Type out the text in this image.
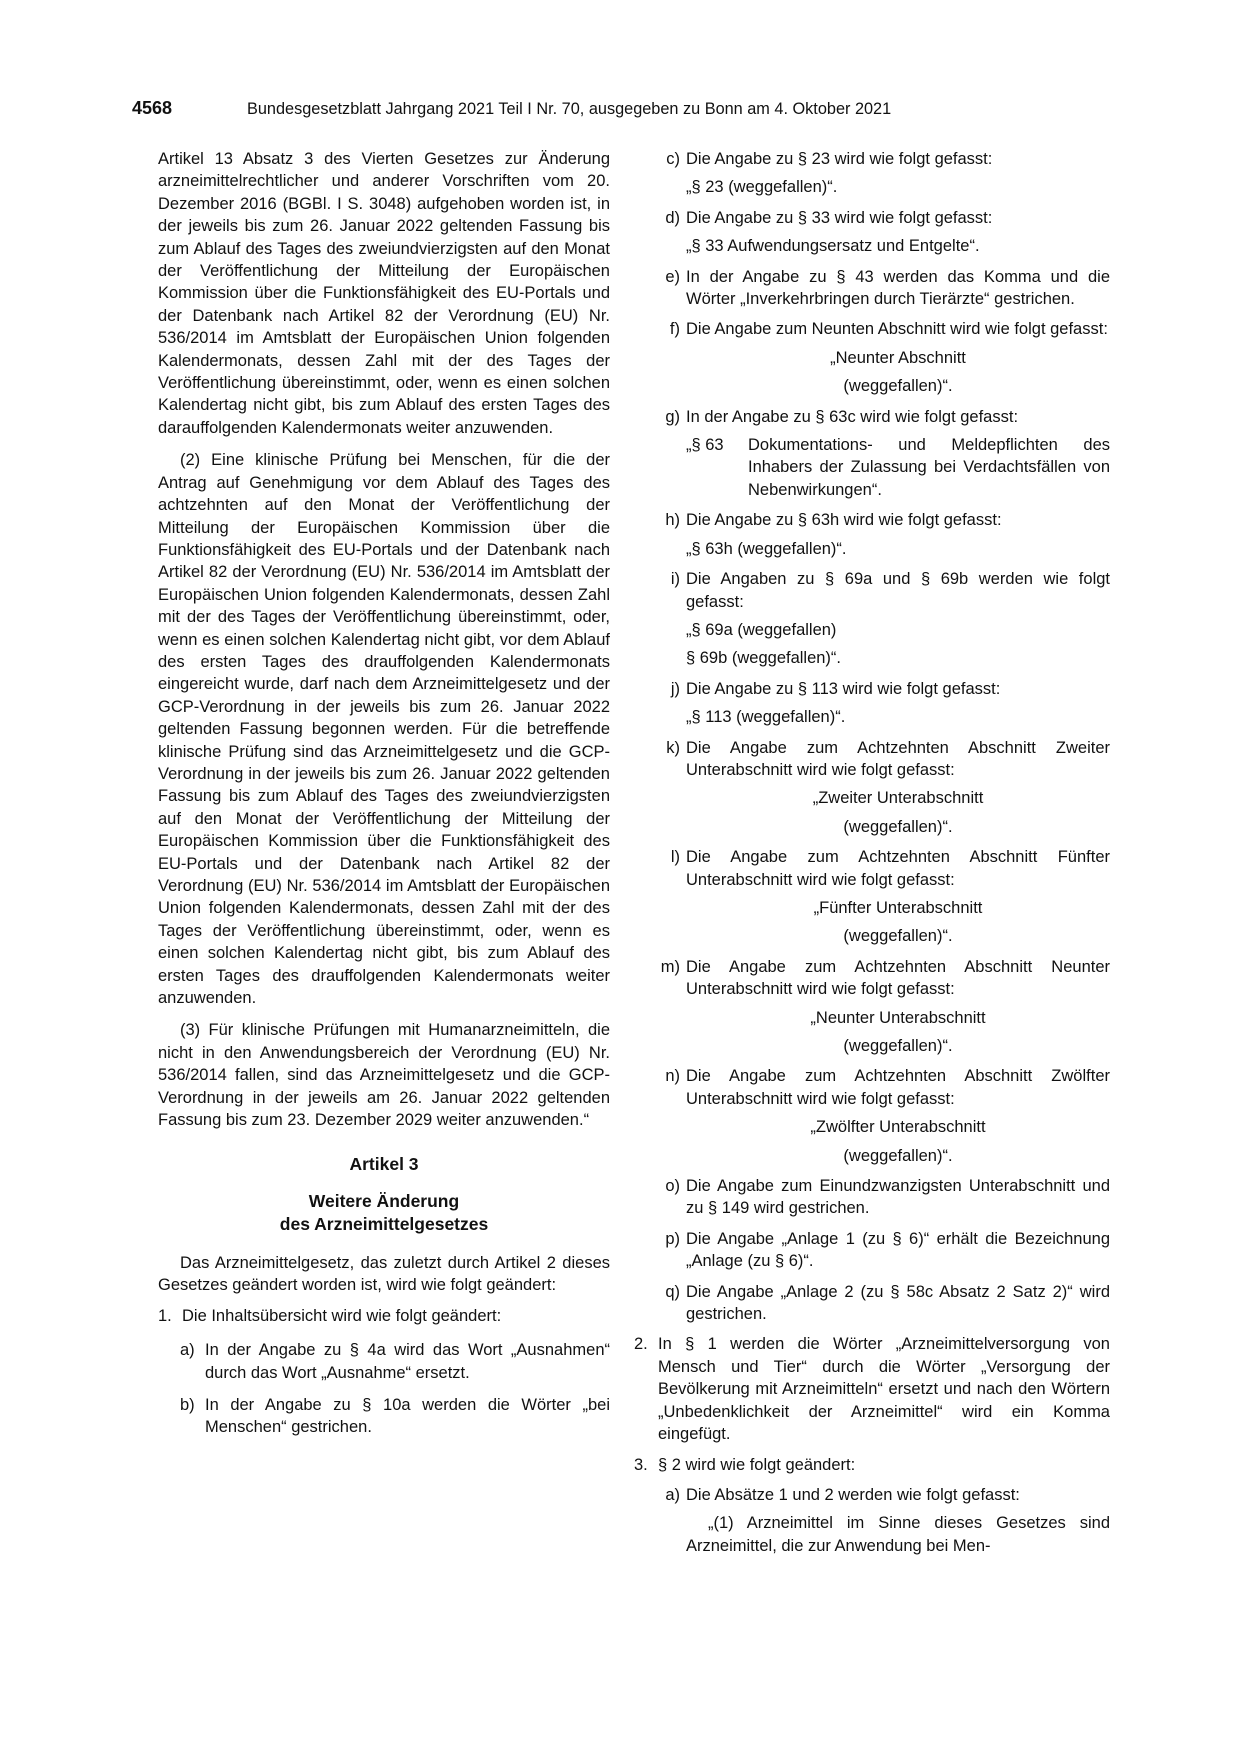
4568	Bundesgesetzblatt Jahrgang 2021 Teil I Nr. 70, ausgegeben zu Bonn am 4. Oktober 2021

Artikel 13 Absatz 3 des Vierten Gesetzes zur Änderung arzneimittelrechtlicher und anderer Vorschriften vom 20. Dezember 2016 (BGBl. I S. 3048) aufgehoben worden ist, in der jeweils bis zum 26. Januar 2022 geltenden Fassung bis zum Ablauf des Tages des zweiundvierzigsten auf den Monat der Veröffentlichung der Mitteilung der Europäischen Kommission über die Funktionsfähigkeit des EU-Portals und der Datenbank nach Artikel 82 der Verordnung (EU) Nr. 536/2014 im Amtsblatt der Europäischen Union folgenden Kalendermonats, dessen Zahl mit der des Tages der Veröffentlichung übereinstimmt, oder, wenn es einen solchen Kalendertag nicht gibt, bis zum Ablauf des ersten Tages des darauffolgenden Kalendermonats weiter anzuwenden.

(2) Eine klinische Prüfung bei Menschen, für die der Antrag auf Genehmigung vor dem Ablauf des Tages des achtzehnten auf den Monat der Veröffentlichung der Mitteilung der Europäischen Kommission über die Funktionsfähigkeit des EU-Portals und der Datenbank nach Artikel 82 der Verordnung (EU) Nr. 536/2014 im Amtsblatt der Europäischen Union folgenden Kalendermonats, dessen Zahl mit der des Tages der Veröffentlichung übereinstimmt, oder, wenn es einen solchen Kalendertag nicht gibt, vor dem Ablauf des ersten Tages des drauffolgenden Kalendermonats eingereicht wurde, darf nach dem Arzneimittelgesetz und der GCP-Verordnung in der jeweils bis zum 26. Januar 2022 geltenden Fassung begonnen werden. Für die betreffende klinische Prüfung sind das Arzneimittelgesetz und die GCP-Verordnung in der jeweils bis zum 26. Januar 2022 geltenden Fassung bis zum Ablauf des Tages des zweiundvierzigsten auf den Monat der Veröffentlichung der Mitteilung der Europäischen Kommission über die Funktionsfähigkeit des EU-Portals und der Datenbank nach Artikel 82 der Verordnung (EU) Nr. 536/2014 im Amtsblatt der Europäischen Union folgenden Kalendermonats, dessen Zahl mit der des Tages der Veröffentlichung übereinstimmt, oder, wenn es einen solchen Kalendertag nicht gibt, bis zum Ablauf des ersten Tages des drauffolgenden Kalendermonats weiter anzuwenden.

(3) Für klinische Prüfungen mit Humanarzneimitteln, die nicht in den Anwendungsbereich der Verordnung (EU) Nr. 536/2014 fallen, sind das Arzneimittelgesetz und die GCP-Verordnung in der jeweils am 26. Januar 2022 geltenden Fassung bis zum 23. Dezember 2029 weiter anzuwenden.“

Artikel 3
Weitere Änderung
des Arzneimittelgesetzes

Das Arzneimittelgesetz, das zuletzt durch Artikel 2 dieses Gesetzes geändert worden ist, wird wie folgt geändert:

1. Die Inhaltsübersicht wird wie folgt geändert:
a) In der Angabe zu § 4a wird das Wort „Ausnahmen“ durch das Wort „Ausnahme“ ersetzt.
b) In der Angabe zu § 10a werden die Wörter „bei Menschen“ gestrichen.
c) Die Angabe zu § 23 wird wie folgt gefasst:
„§ 23 (weggefallen)“.
d) Die Angabe zu § 33 wird wie folgt gefasst:
„§ 33 Aufwendungsersatz und Entgelte“.
e) In der Angabe zu § 43 werden das Komma und die Wörter „Inverkehrbringen durch Tierärzte“ gestrichen.
f) Die Angabe zum Neunten Abschnitt wird wie folgt gefasst:
„Neunter Abschnitt
(weggefallen)“.
g) In der Angabe zu § 63c wird wie folgt gefasst:
„§ 63	Dokumentations- und Meldepflichten des Inhabers der Zulassung bei Verdachtsfällen von Nebenwirkungen“.
h) Die Angabe zu § 63h wird wie folgt gefasst:
„§ 63h (weggefallen)“.
i) Die Angaben zu § 69a und § 69b werden wie folgt gefasst:
„§ 69a (weggefallen)
§ 69b (weggefallen)“.
j) Die Angabe zu § 113 wird wie folgt gefasst:
„§ 113 (weggefallen)“.
k) Die Angabe zum Achtzehnten Abschnitt Zweiter Unterabschnitt wird wie folgt gefasst:
„Zweiter Unterabschnitt
(weggefallen)“.
l) Die Angabe zum Achtzehnten Abschnitt Fünfter Unterabschnitt wird wie folgt gefasst:
„Fünfter Unterabschnitt
(weggefallen)“.
m) Die Angabe zum Achtzehnten Abschnitt Neunter Unterabschnitt wird wie folgt gefasst:
„Neunter Unterabschnitt
(weggefallen)“.
n) Die Angabe zum Achtzehnten Abschnitt Zwölfter Unterabschnitt wird wie folgt gefasst:
„Zwölfter Unterabschnitt
(weggefallen)“.
o) Die Angabe zum Einundzwanzigsten Unterabschnitt und zu § 149 wird gestrichen.
p) Die Angabe „Anlage 1 (zu § 6)“ erhält die Bezeichnung „Anlage (zu § 6)“.
q) Die Angabe „Anlage 2 (zu § 58c Absatz 2 Satz 2)“ wird gestrichen.
2. In § 1 werden die Wörter „Arzneimittelversorgung von Mensch und Tier“ durch die Wörter „Versorgung der Bevölkerung mit Arzneimitteln“ ersetzt und nach den Wörtern „Unbedenklichkeit der Arzneimittel“ wird ein Komma eingefügt.
3. § 2 wird wie folgt geändert:
a) Die Absätze 1 und 2 werden wie folgt gefasst:
„(1) Arzneimittel im Sinne dieses Gesetzes sind Arzneimittel, die zur Anwendung bei Men-
